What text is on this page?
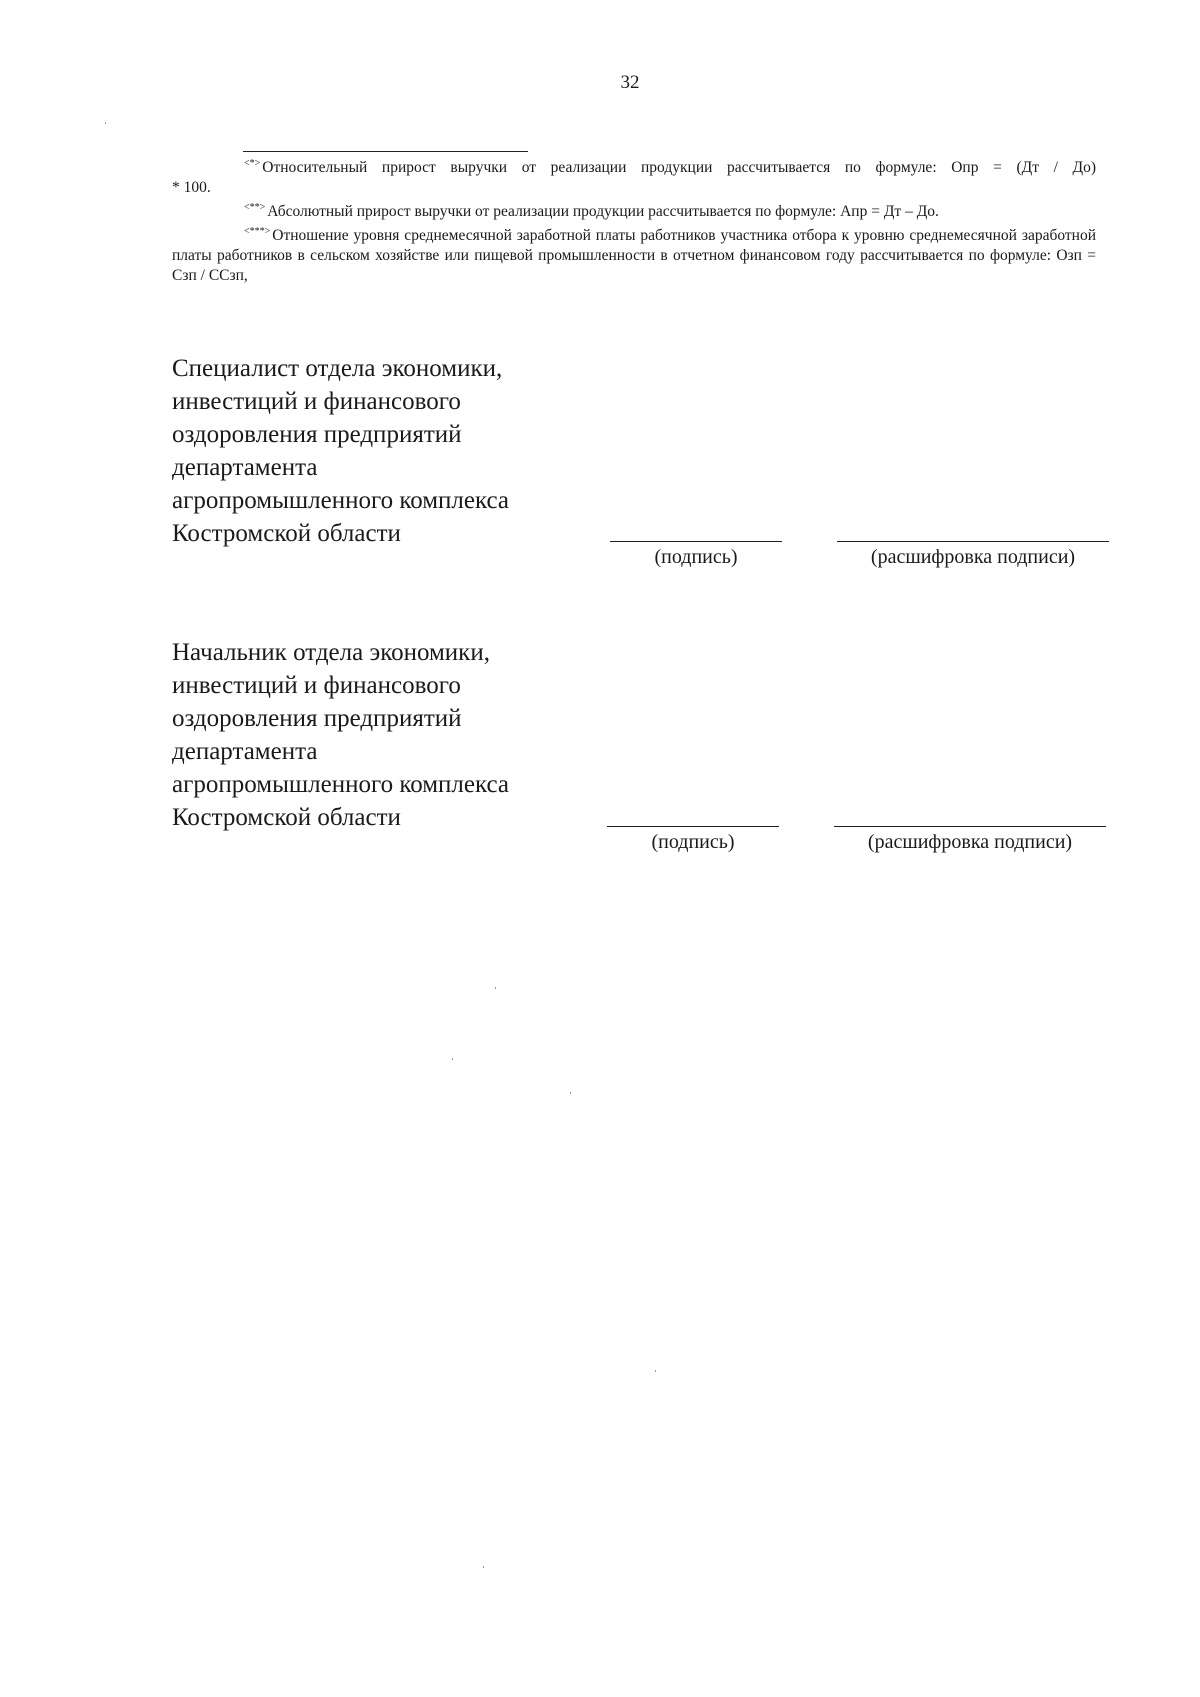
32

<*> Относительный прирост выручки от реализации продукции рассчитывается по формуле: Опр = (Дт / До)

* 100.

<**> Абсолютный прирост выручки от реализации продукции рассчитывается по формуле: Апр = Дт – До.

<***> Отношение уровня среднемесячной заработной платы работников участника отбора к уровню среднемесячной заработной платы работников в сельском хозяйстве или пищевой промышленности в отчетном финансовом году рассчитывается по формуле: Озп = Сзп / ССзп,

Специалист отдела экономики,
инвестиций и финансового
оздоровления предприятий
департамента
агропромышленного комплекса
Костромской области
(подпись)	(расшифровка подписи)
Начальник отдела экономики,
инвестиций и финансового
оздоровления предприятий
департамента
агропромышленного комплекса
Костромской области
(подпись)	(расшифровка подписи)
